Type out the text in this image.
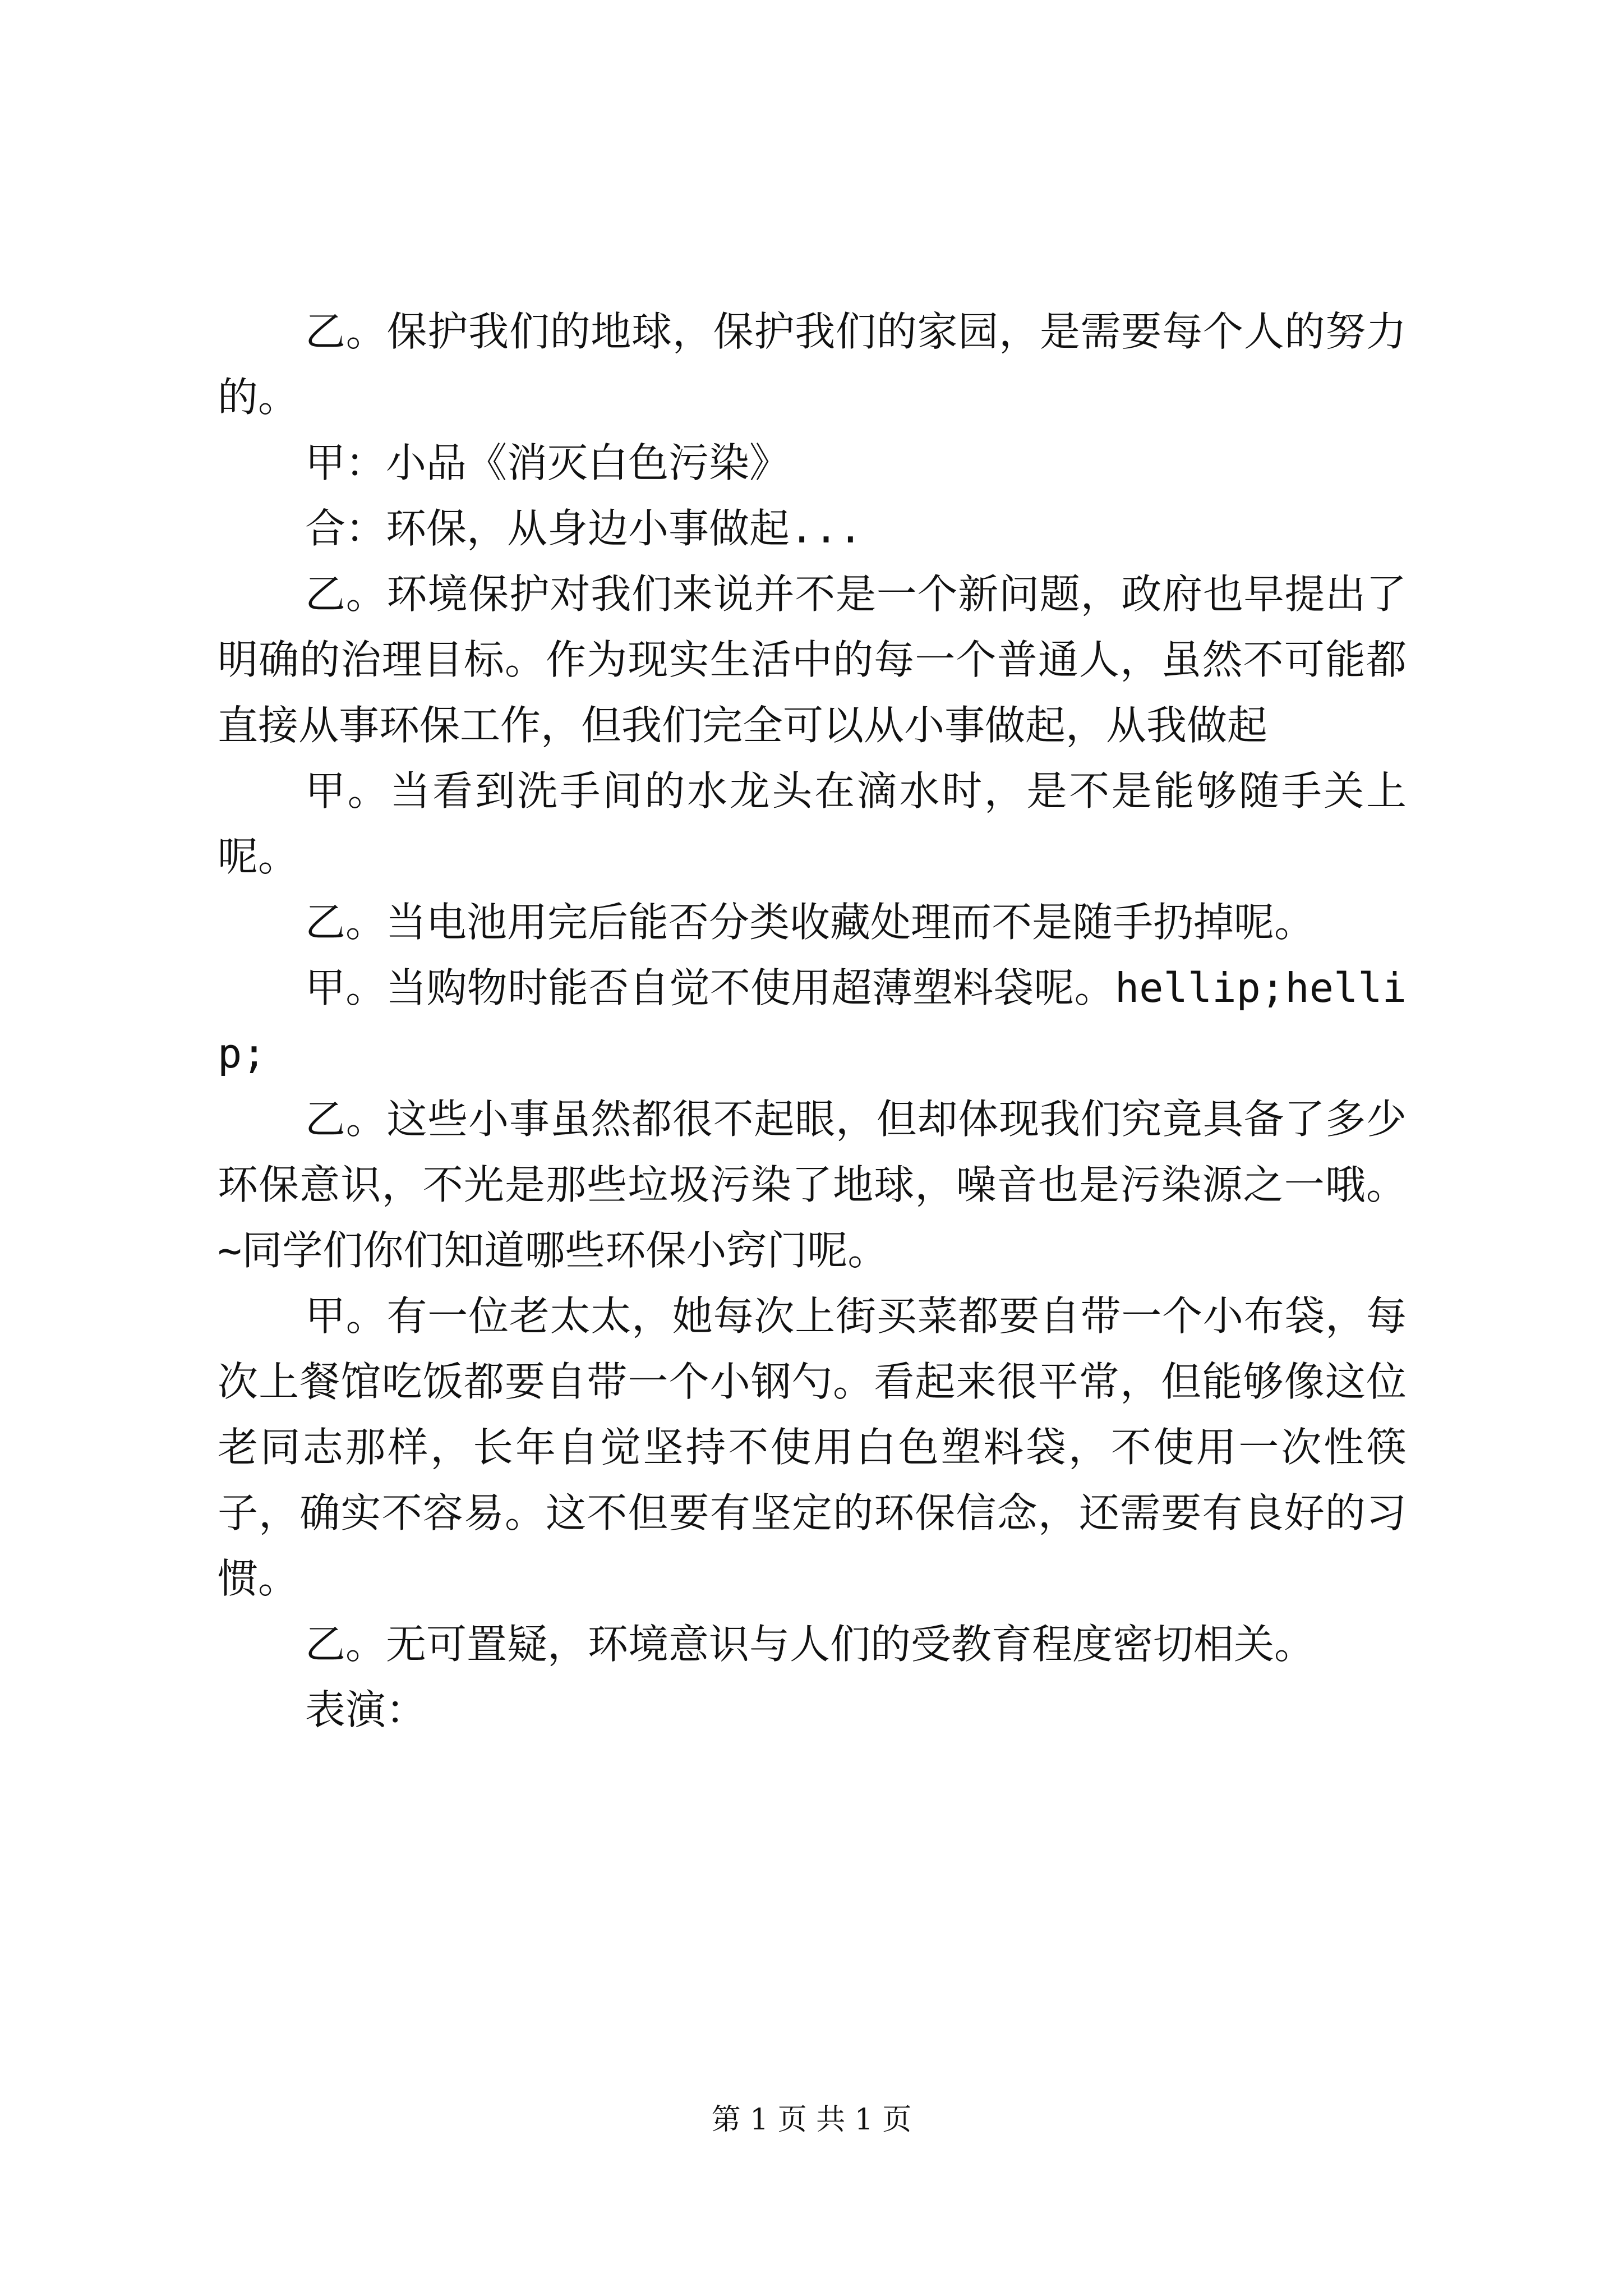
乙。保护我们的地球，保护我们的家园，是需要每个人的努力的。

甲：小品《消灭白色污染》

合：环保，从身边小事做起...

乙。环境保护对我们来说并不是一个新问题，政府也早提出了明确的治理目标。作为现实生活中的每一个普通人，虽然不可能都直接从事环保工作，但我们完全可以从小事做起，从我做起

甲。当看到洗手间的水龙头在滴水时，是不是能够随手关上呢。

乙。当电池用完后能否分类收藏处理而不是随手扔掉呢。

甲。当购物时能否自觉不使用超薄塑料袋呢。hellip;hellip;

乙。这些小事虽然都很不起眼，但却体现我们究竟具备了多少环保意识，不光是那些垃圾污染了地球，噪音也是污染源之一哦。~同学们你们知道哪些环保小窍门呢。

甲。有一位老太太，她每次上街买菜都要自带一个小布袋，每次上餐馆吃饭都要自带一个小钢勺。看起来很平常，但能够像这位老同志那样，长年自觉坚持不使用白色塑料袋，不使用一次性筷子，确实不容易。这不但要有坚定的环保信念，还需要有良好的习惯。

乙。无可置疑，环境意识与人们的受教育程度密切相关。

表演：

第 1 页 共 1 页
